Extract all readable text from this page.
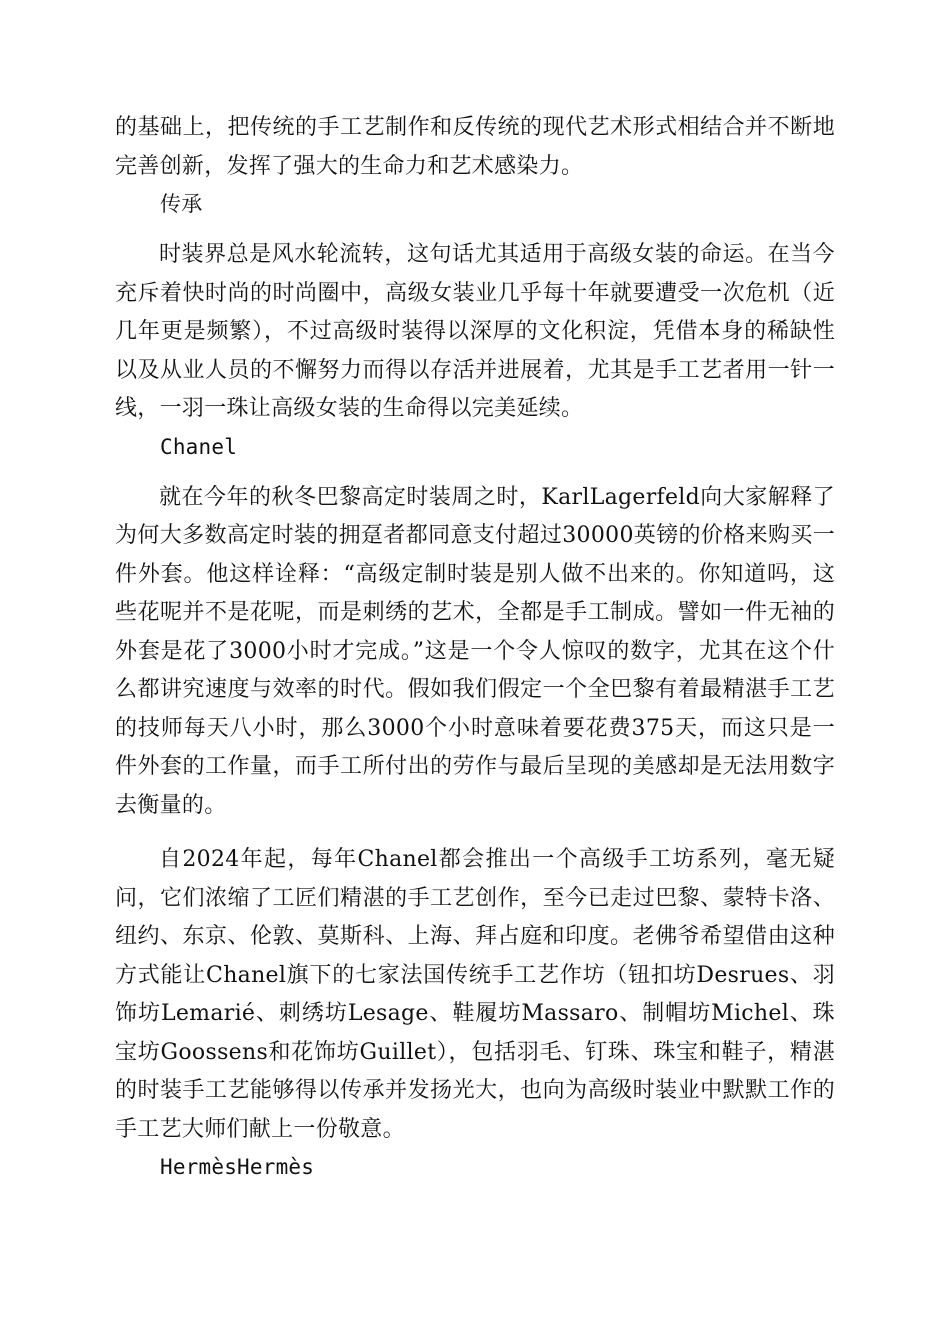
的基础上，把传统的手工艺制作和反传统的现代艺术形式相结合并不断地完善创新，发挥了强大的生命力和艺术感染力。

传承

时装界总是风水轮流转，这句话尤其适用于高级女装的命运。在当今充斥着快时尚的时尚圈中，高级女装业几乎每十年就要遭受一次危机（近几年更是频繁），不过高级时装得以深厚的文化积淀，凭借本身的稀缺性以及从业人员的不懈努力而得以存活并进展着，尤其是手工艺者用一针一线，一羽一珠让高级女装的生命得以完美延续。

Chanel

就在今年的秋冬巴黎高定时装周之时，KarlLagerfeld向大家解释了为何大多数高定时装的拥趸者都同意支付超过30000英镑的价格来购买一件外套。他这样诠释：“高级定制时装是别人做不出来的。你知道吗，这些花呢并不是花呢，而是刺绣的艺术，全都是手工制成。譬如一件无袖的外套是花了3000小时才完成。”这是一个令人惊叹的数字，尤其在这个什么都讲究速度与效率的时代。假如我们假定一个全巴黎有着最精湛手工艺的技师每天八小时，那么3000个小时意味着要花费375天，而这只是一件外套的工作量，而手工所付出的劳作与最后呈现的美感却是无法用数字去衡量的。

自2024年起，每年Chanel都会推出一个高级手工坊系列，毫无疑问，它们浓缩了工匠们精湛的手工艺创作，至今已走过巴黎、蒙特卡洛、纽约、东京、伦敦、莫斯科、上海、拜占庭和印度。老佛爷希望借由这种方式能让Chanel旗下的七家法国传统手工艺作坊（钮扣坊Desrues、羽饰坊Lemarié、刺绣坊Lesage、鞋履坊Massaro、制帽坊Michel、珠宝坊Goossens和花饰坊Guillet），包括羽毛、钉珠、珠宝和鞋子，精湛的时装手工艺能够得以传承并发扬光大，也向为高级时装业中默默工作的手工艺大师们献上一份敬意。

HermèsHermès
